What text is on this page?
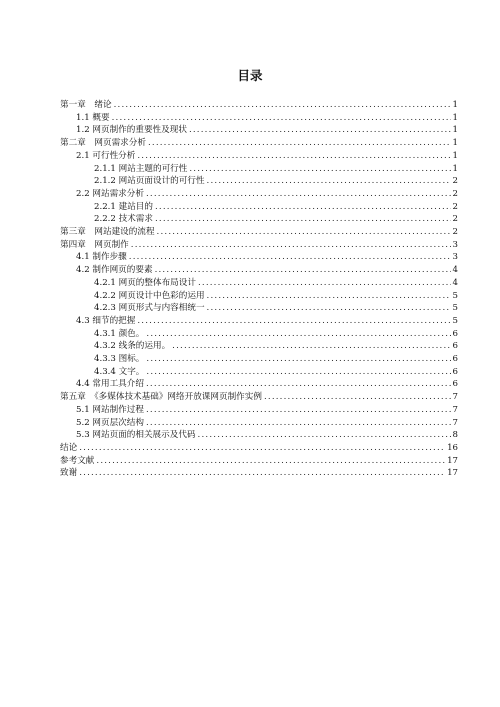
目录
第一章　绪论 .....	1
1.1 概要 .....	1
1.2 网页制作的重要性及现状 .....	1
第二章　网页需求分析 .....	1
2.1 可行性分析 .....	1
2.1.1 网站主题的可行性 .....	1
2.1.2 网站页面设计的可行性 .....	2
2.2 网站需求分析 .....	2
2.2.1 建站目的 .....	2
2.2.2 技术需求 .....	2
第三章　网站建设的流程 .....	2
第四章　网页制作 .....	3
4.1 制作步骤 .....	3
4.2 制作网页的要素 .....	4
4.2.1 网页的整体布局设计 .....	4
4.2.2 网页设计中色彩的运用 .....	5
4.2.3 网页形式与内容相统一 .....	5
4.3 细节的把握 .....	5
4.3.1 颜色。 .....	6
4.3.2 线条的运用。 .....	6
4.3.3 图标。 .....	6
4.3.4 文字。 .....	6
4.4 常用工具介绍 .....	6
第五章　《多媒体技术基础》网络开放课网页制作实例 .....	7
5.1 网站制作过程 .....	7
5.2 网页层次结构 .....	7
5.3 网站页面的相关展示及代码 .....	8
结论 .....	16
参考文献 .....	17
致谢 .....	17
